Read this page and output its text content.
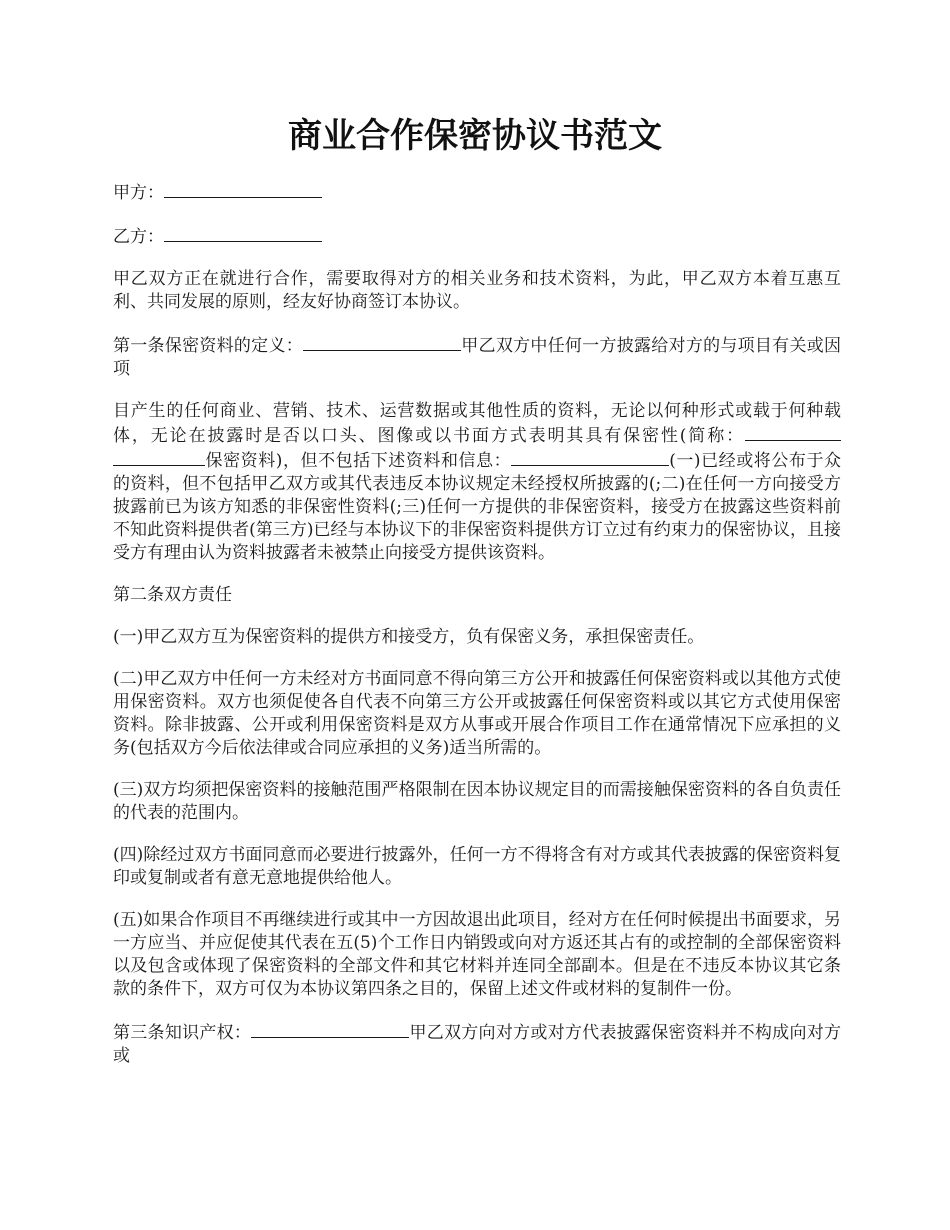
商业合作保密协议书范文

甲方：

乙方：

甲乙双方正在就进行合作，需要取得对方的相关业务和技术资料，为此，甲乙双方本着互惠互利、共同发展的原则，经友好协商签订本协议。

第一条保密资料的定义：	甲乙双方中任何一方披露给对方的与项目有关或因项

目产生的任何商业、营销、技术、运营数据或其他性质的资料，无论以何种形式或载于何种载体，无论在披露时是否以口头、图像或以书面方式表明其具有保密性(简称：保密资料)，但不包括下述资料和信息：	(一)已经或将公布于众的资料，但不包括甲乙双方或其代表违反本协议规定未经授权所披露的(;二)在任何一方向接受方披露前已为该方知悉的非保密性资料(;三)任何一方提供的非保密资料，接受方在披露这些资料前不知此资料提供者(第三方)已经与本协议下的非保密资料提供方订立过有约束力的保密协议，且接受方有理由认为资料披露者未被禁止向接受方提供该资料。

第二条双方责任

(一)甲乙双方互为保密资料的提供方和接受方，负有保密义务，承担保密责任。

(二)甲乙双方中任何一方未经对方书面同意不得向第三方公开和披露任何保密资料或以其他方式使用保密资料。双方也须促使各自代表不向第三方公开或披露任何保密资料或以其它方式使用保密资料。除非披露、公开或利用保密资料是双方从事或开展合作项目工作在通常情况下应承担的义务(包括双方今后依法律或合同应承担的义务)适当所需的。

(三)双方均须把保密资料的接触范围严格限制在因本协议规定目的而需接触保密资料的各自负责任的代表的范围内。

(四)除经过双方书面同意而必要进行披露外，任何一方不得将含有对方或其代表披露的保密资料复印或复制或者有意无意地提供给他人。

(五)如果合作项目不再继续进行或其中一方因故退出此项目，经对方在任何时候提出书面要求，另一方应当、并应促使其代表在五(5)个工作日内销毁或向对方返还其占有的或控制的全部保密资料以及包含或体现了保密资料的全部文件和其它材料并连同全部副本。但是在不违反本协议其它条款的条件下，双方可仅为本协议第四条之目的，保留上述文件或材料的复制件一份。

第三条知识产权：	甲乙双方向对方或对方代表披露保密资料并不构成向对方或
